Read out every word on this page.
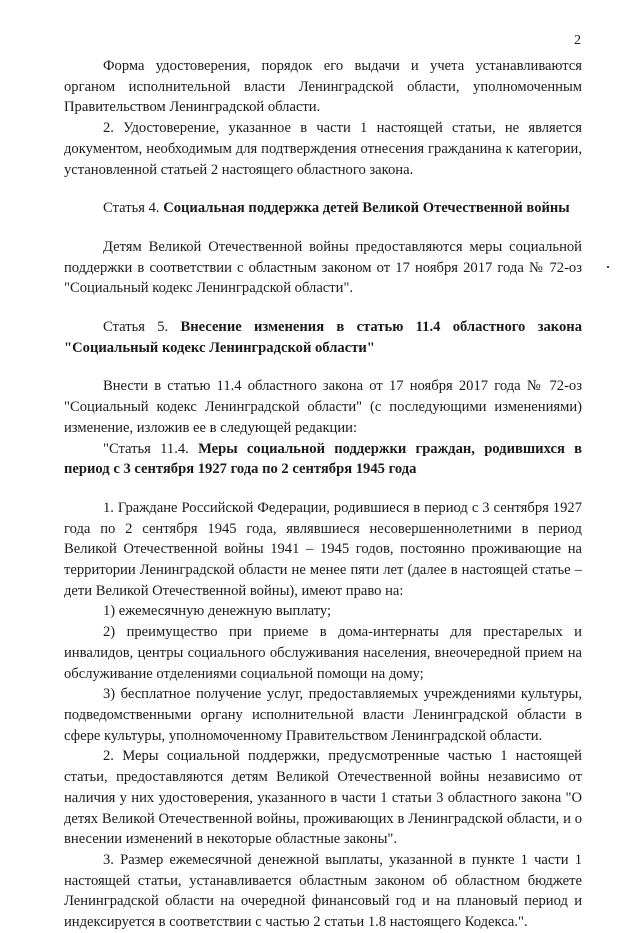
2

Форма удостоверения, порядок его выдачи и учета устанавливаются органом исполнительной власти Ленинградской области, уполномоченным Правительством Ленинградской области.

2. Удостоверение, указанное в части 1 настоящей статьи, не является документом, необходимым для подтверждения отнесения гражданина к категории, установленной статьей 2 настоящего областного закона.

Статья 4. Социальная поддержка детей Великой Отечественной войны

Детям Великой Отечественной войны предоставляются меры социальной поддержки в соответствии с областным законом от 17 ноября 2017 года № 72-оз "Социальный кодекс Ленинградской области".

Статья 5. Внесение изменения в статью 11.4 областного закона "Социальный кодекс Ленинградской области"

Внести в статью 11.4 областного закона от 17 ноября 2017 года № 72-оз "Социальный кодекс Ленинградской области" (с последующими изменениями) изменение, изложив ее в следующей редакции:

"Статья 11.4. Меры социальной поддержки граждан, родившихся в период с 3 сентября 1927 года по 2 сентября 1945 года

1. Граждане Российской Федерации, родившиеся в период с 3 сентября 1927 года по 2 сентября 1945 года, являвшиеся несовершеннолетними в период Великой Отечественной войны 1941 – 1945 годов, постоянно проживающие на территории Ленинградской области не менее пяти лет (далее в настоящей статье – дети Великой Отечественной войны), имеют право на:

1) ежемесячную денежную выплату;

2) преимущество при приеме в дома-интернаты для престарелых и инвалидов, центры социального обслуживания населения, внеочередной прием на обслуживание отделениями социальной помощи на дому;

3) бесплатное получение услуг, предоставляемых учреждениями культуры, подведомственными органу исполнительной власти Ленинградской области в сфере культуры, уполномоченному Правительством Ленинградской области.

2. Меры социальной поддержки, предусмотренные частью 1 настоящей статьи, предоставляются детям Великой Отечественной войны независимо от наличия у них удостоверения, указанного в части 1 статьи 3 областного закона "О детях Великой Отечественной войны, проживающих в Ленинградской области, и о внесении изменений в некоторые областные законы".

3. Размер ежемесячной денежной выплаты, указанной в пункте 1 части 1 настоящей статьи, устанавливается областным законом об областном бюджете Ленинградской области на очередной финансовый год и на плановый период и индексируется в соответствии с частью 2 статьи 1.8 настоящего Кодекса.".
